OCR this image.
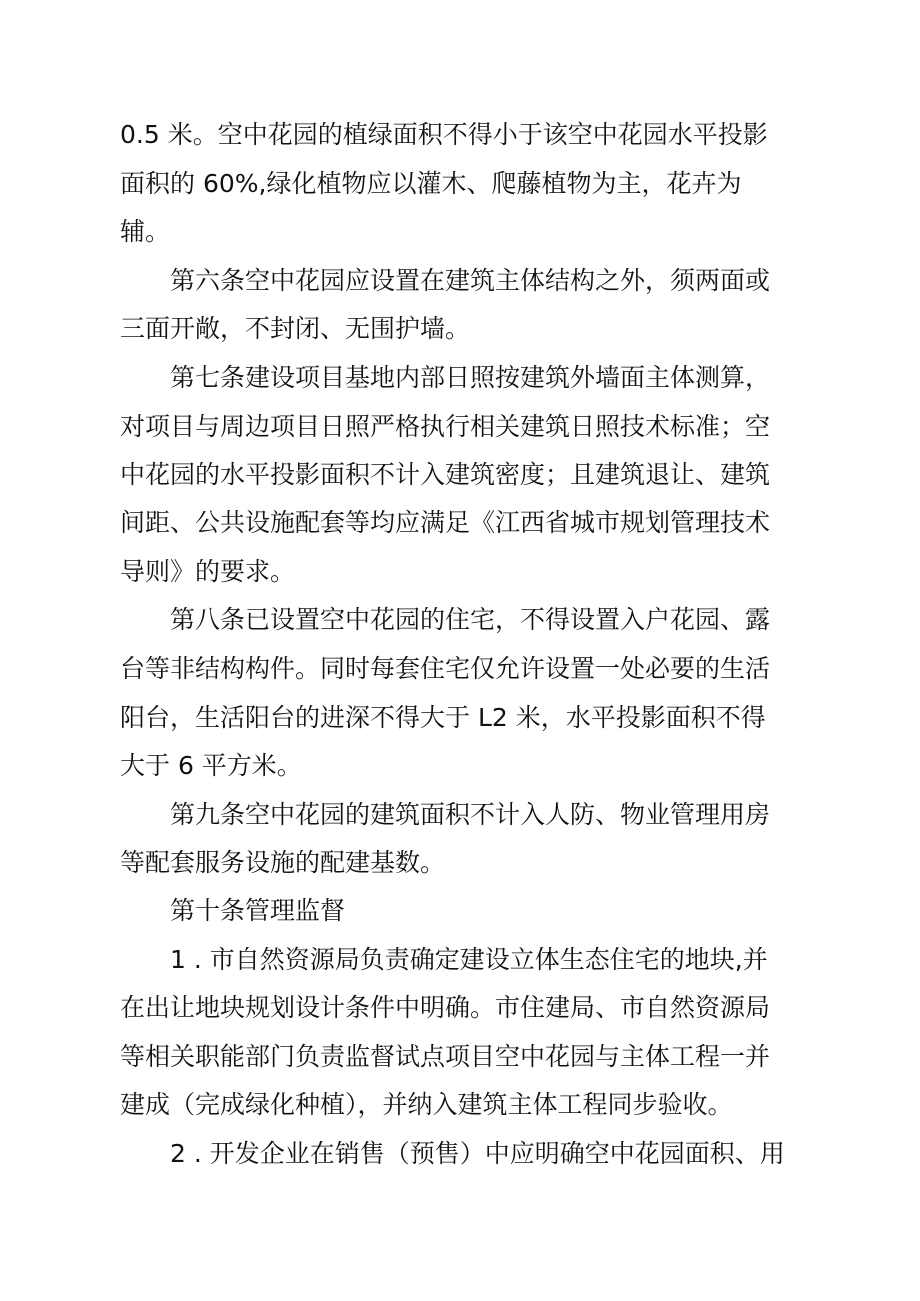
0.5 米。空中花园的植绿面积不得小于该空中花园水平投影
面积的 60%,绿化植物应以灌木、爬藤植物为主，花卉为
辅。
第六条空中花园应设置在建筑主体结构之外，须两面或
三面开敞，不封闭、无围护墙。
第七条建设项目基地内部日照按建筑外墙面主体测算，
对项目与周边项目日照严格执行相关建筑日照技术标准；空
中花园的水平投影面积不计入建筑密度；且建筑退让、建筑
间距、公共设施配套等均应满足《江西省城市规划管理技术
导则》的要求。
第八条已设置空中花园的住宅，不得设置入户花园、露
台等非结构构件。同时每套住宅仅允许设置一处必要的生活
阳台，生活阳台的进深不得大于 L2 米，水平投影面积不得
大于 6 平方米。
第九条空中花园的建筑面积不计入人防、物业管理用房
等配套服务设施的配建基数。
第十条管理监督
1 . 市自然资源局负责确定建设立体生态住宅的地块,并
在出让地块规划设计条件中明确。市住建局、市自然资源局
等相关职能部门负责监督试点项目空中花园与主体工程一并
建成（完成绿化种植），并纳入建筑主体工程同步验收。
2 . 开发企业在销售（预售）中应明确空中花园面积、用
